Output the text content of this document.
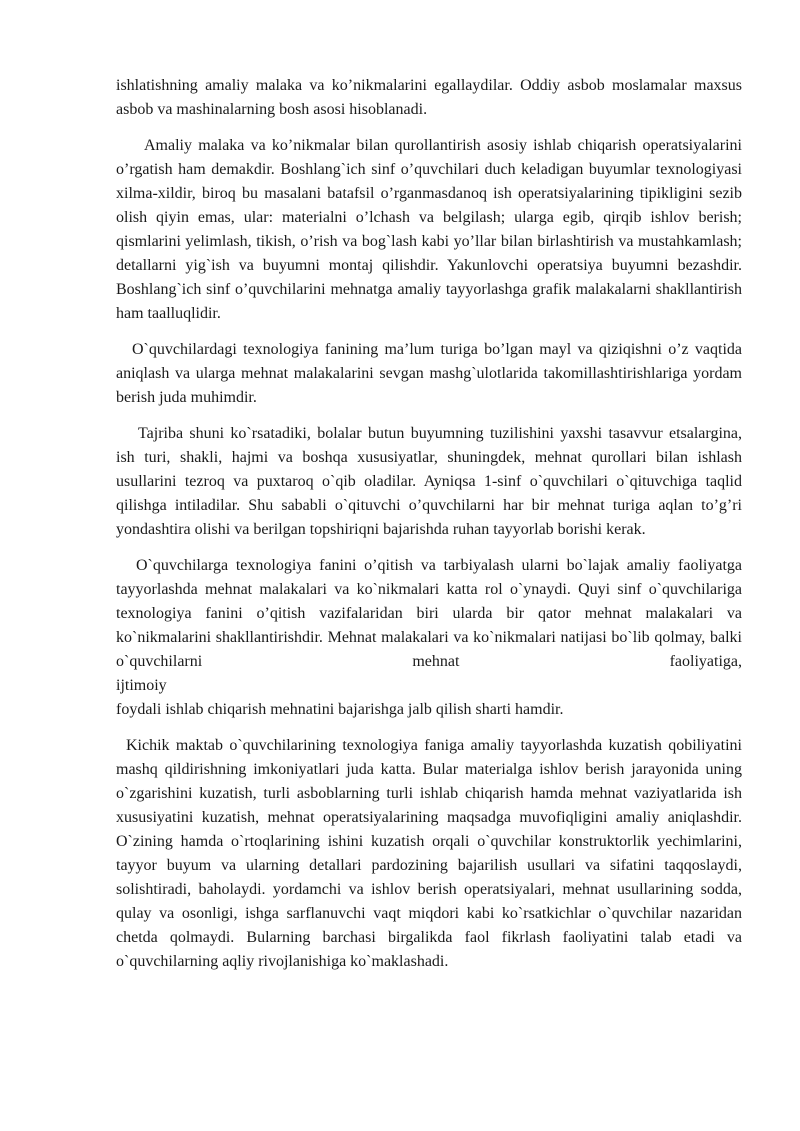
ishlatishning amaliy malaka va ko’nikmalarini egallaydilar. Oddiy asbob moslamalar maxsus asbob va mashinalarning bosh asosi hisoblanadi.

Amaliy malaka va ko’nikmalar bilan qurollantirish asosiy ishlab chiqarish operatsiyalarini o’rgatish ham demakdir. Boshlang`ich sinf o’quvchilari duch keladigan buyumlar texnologiyasi xilma-xildir, biroq bu masalani batafsil o’rganmasdanoq ish operatsiyalarining tipikligini sezib olish qiyin emas, ular: materialni o’lchash va belgilash; ularga egib, qirqib ishlov berish; qismlarini yelimlash, tikish, o’rish va bog`lash kabi yo’llar bilan birlashtirish va mustahkamlash; detallarni yig`ish va buyumni montaj qilishdir. Yakunlovchi operatsiya buyumni bezashdir. Boshlang`ich sinf o’quvchilarini mehnatga amaliy tayyorlashga grafik malakalarni shakllantirish ham taalluqlidir.

O`quvchilardagi texnologiya fanining ma’lum turiga bo’lgan mayl va qiziqishni o’z vaqtida aniqlash va ularga mehnat malakalarini sevgan mashg`ulotlarida takomillashtirishlariga yordam berish juda muhimdir.

Tajriba shuni ko`rsatadiki, bolalar butun buyumning tuzilishini yaxshi tasavvur etsalargina, ish turi, shakli, hajmi va boshqa xususiyatlar, shuningdek, mehnat qurollari bilan ishlash usullarini tezroq va puxtaroq o`qib oladilar. Ayniqsa 1-sinf o`quvchilari o`qituvchiga taqlid qilishga intiladilar. Shu sababli o`qituvchi o’quvchilarni har bir mehnat turiga aqlan to’g’ri yondashtira olishi va berilgan topshiriqni bajarishda ruhan tayyorlab borishi kerak.

O`quvchilarga texnologiya fanini o’qitish va tarbiyalash ularni bo`lajak amaliy faoliyatga tayyorlashda mehnat malakalari va ko`nikmalari katta rol o`ynaydi. Quyi sinf o`quvchilariga texnologiya fanini o’qitish vazifalaridan biri ularda bir qator mehnat malakalari va ko`nikmalarini shakllantirishdir. Mehnat malakalari va ko`nikmalari natijasi bo`lib qolmay, balki o`quvchilarni mehnat faoliyatiga,
ijtimoiy
foydali ishlab chiqarish mehnatini bajarishga jalb qilish sharti hamdir.

Kichik maktab o`quvchilarining texnologiya faniga amaliy tayyorlashda kuzatish qobiliyatini mashq qildirishning imkoniyatlari juda katta. Bular materialga ishlov berish jarayonida uning o`zgarishini kuzatish, turli asboblarning turli ishlab chiqarish hamda mehnat vaziyatlarida ish xususiyatini kuzatish, mehnat operatsiyalarining maqsadga muvofiqligini amaliy aniqlashdir. O`zining hamda o`rtoqlarining ishini kuzatish orqali o`quvchilar konstruktorlik yechimlarini, tayyor buyum va ularning detallari pardozining bajarilish usullari va sifatini taqqoslaydi, solishtiradi, baholaydi. yordamchi va ishlov berish operatsiyalari, mehnat usullarining sodda, qulay va osonligi, ishga sarflanuvchi vaqt miqdori kabi ko`rsatkichlar o`quvchilar nazaridan chetda qolmaydi. Bularning barchasi birgalikda faol fikrlash faoliyatini talab etadi va o`quvchilarning aqliy rivojlanishiga ko`maklashadi.
